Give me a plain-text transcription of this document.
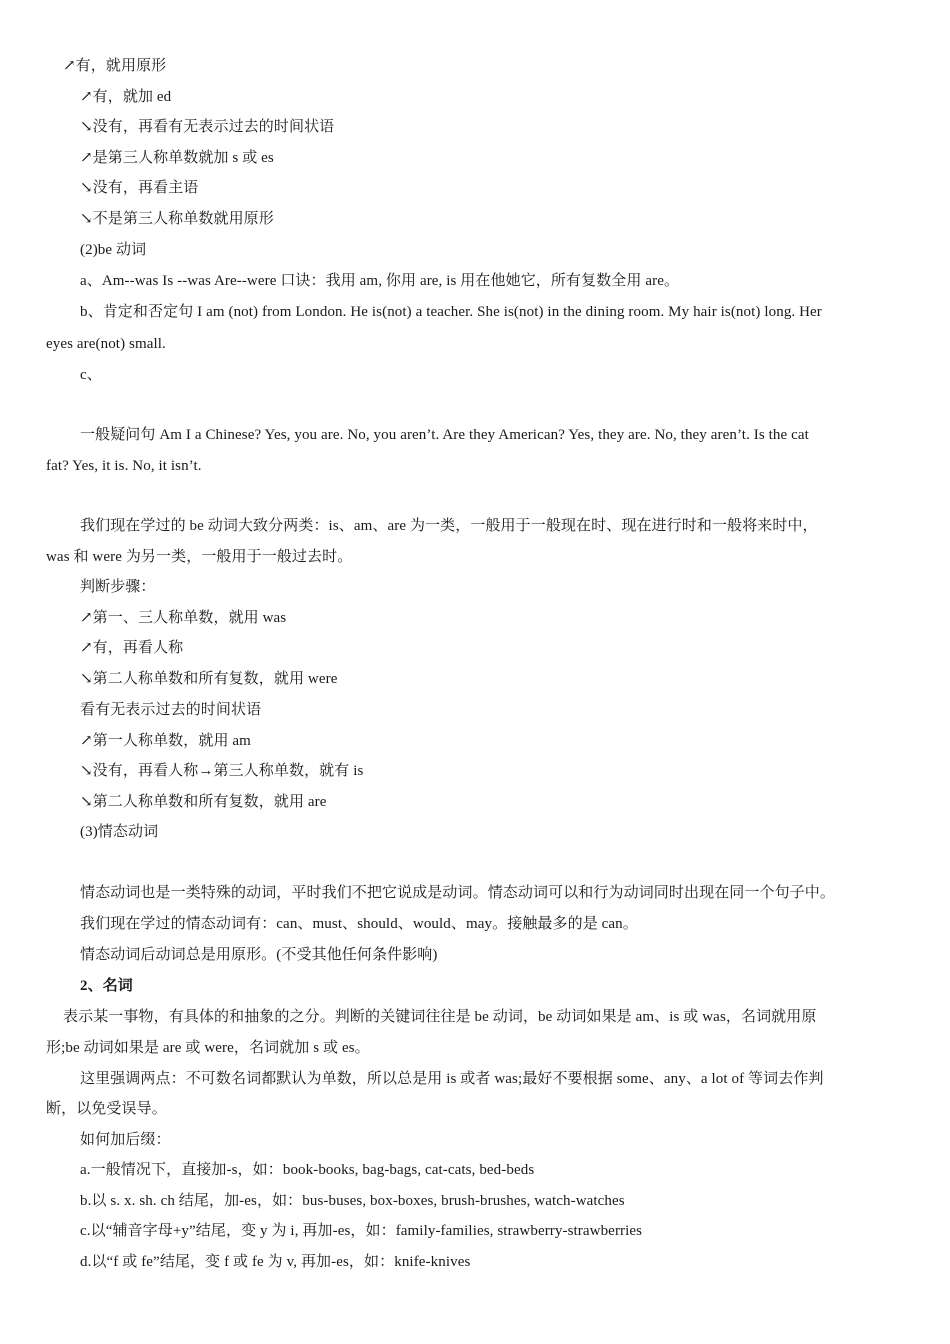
↗有，就用原形
↗有，就加 ed
↘没有，再看有无表示过去的时间状语
↗是第三人称单数就加 s 或 es
↘没有，再看主语
↘不是第三人称单数就用原形
(2)be 动词
a、Am--was Is --was Are--were 口诀：我用 am, 你用 are, is 用在他她它，所有复数全用 are。
b、肯定和否定句 I am (not) from London. He is(not) a teacher. She is(not) in the dining room. My hair is(not) long. Her
eyes are(not) small.
c、
一般疑问句 Am I a Chinese? Yes, you are. No, you aren’t. Are they American? Yes, they are. No, they aren’t. Is the cat
fat? Yes, it is. No, it isn’t.
我们现在学过的 be 动词大致分两类：is、am、are 为一类，一般用于一般现在时、现在进行时和一般将来时中，
was 和 were 为另一类，一般用于一般过去时。
判断步骤：
↗第一、三人称单数，就用 was
↗有，再看人称
↘第二人称单数和所有复数，就用 were
看有无表示过去的时间状语
↗第一人称单数，就用 am
↘没有，再看人称→第三人称单数，就有 is
↘第二人称单数和所有复数，就用 are
(3)情态动词
情态动词也是一类特殊的动词，平时我们不把它说成是动词。情态动词可以和行为动词同时出现在同一个句子中。
我们现在学过的情态动词有：can、must、should、would、may。接触最多的是 can。
情态动词后动词总是用原形。(不受其他任何条件影响)
2、名词
表示某一事物，有具体的和抽象的之分。判断的关键词往往是 be 动词，be 动词如果是 am、is 或 was，名词就用原
形;be 动词如果是 are 或 were，名词就加 s 或 es。
这里强调两点：不可数名词都默认为单数，所以总是用 is 或者 was;最好不要根据 some、any、a lot of 等词去作判
断，以免受误导。
如何加后缀：
a.一般情况下，直接加-s，如：book-books, bag-bags, cat-cats, bed-beds
b.以 s. x. sh. ch 结尾，加-es，如：bus-buses, box-boxes, brush-brushes, watch-watches
c.以“辅音字母+y”结尾，变 y 为 i, 再加-es，如：family-families, strawberry-strawberries
d.以“f 或 fe”结尾，变 f 或 fe 为 v, 再加-es，如：knife-knives
